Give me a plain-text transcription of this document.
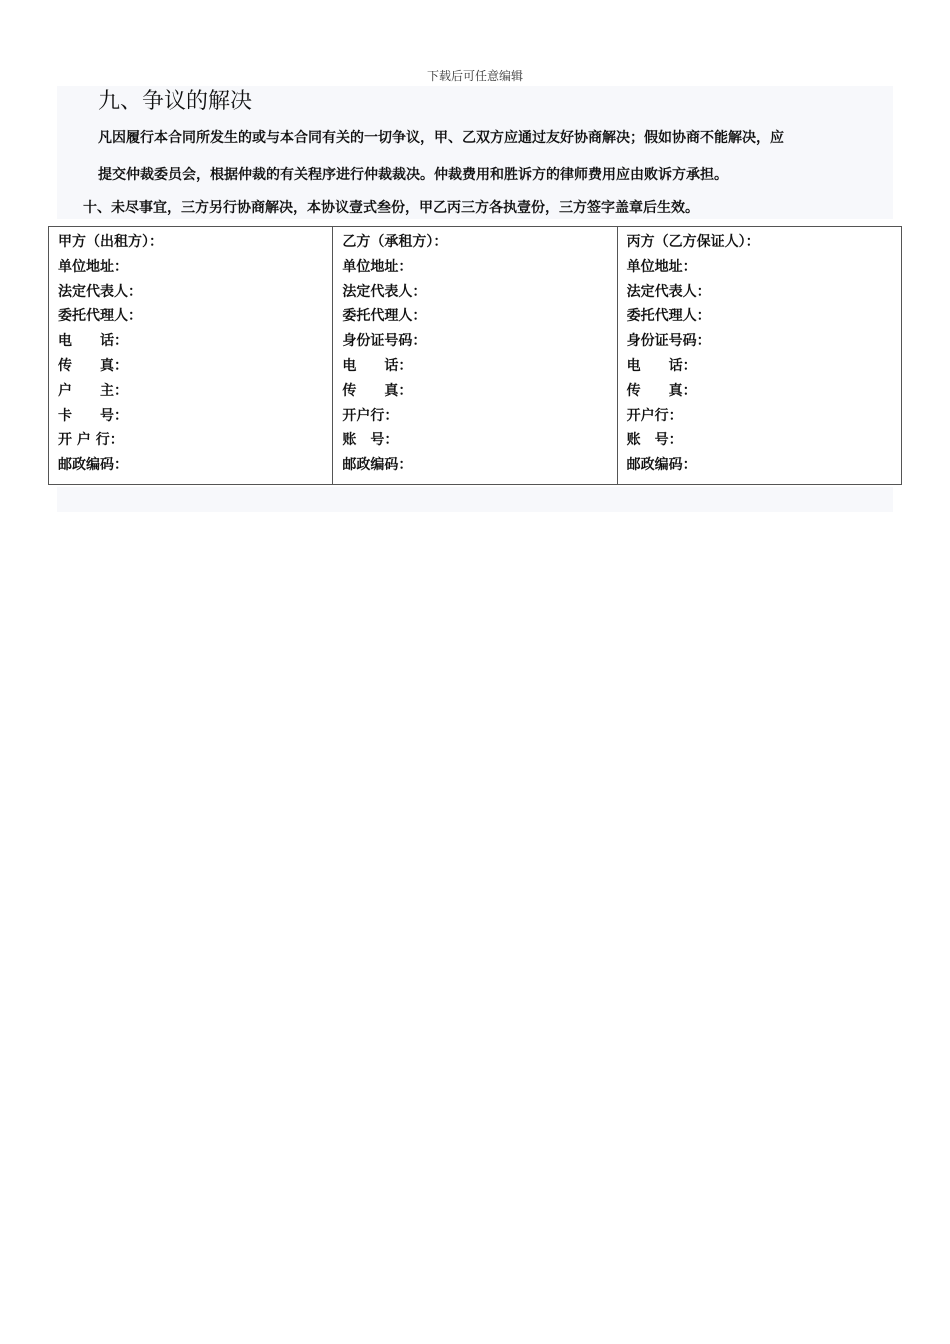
下载后可任意编辑
九、争议的解决
凡因履行本合同所发生的或与本合同有关的一切争议，甲、乙双方应通过友好协商解决；假如协商不能解决，应
提交仲裁委员会，根据仲裁的有关程序进行仲裁裁决。仲裁费用和胜诉方的律师费用应由败诉方承担。
十、未尽事宜，三方另行协商解决，本协议壹式叁份，甲乙丙三方各执壹份，三方签字盖章后生效。
甲方（出租方）：
单位地址：
法定代表人：
委托代理人：
电　　话：
传　　真：
户　　主：
卡　　号：
开 户 行：
邮政编码：

乙方（承租方）：
单位地址：
法定代表人：
委托代理人：
身份证号码：
电　　话：
传　　真：
开户行：
账　号：
邮政编码：

丙方（乙方保证人）：
单位地址：
法定代表人：
委托代理人：
身份证号码：
电　　话：
传　　真：
开户行：
账　号：
邮政编码：
